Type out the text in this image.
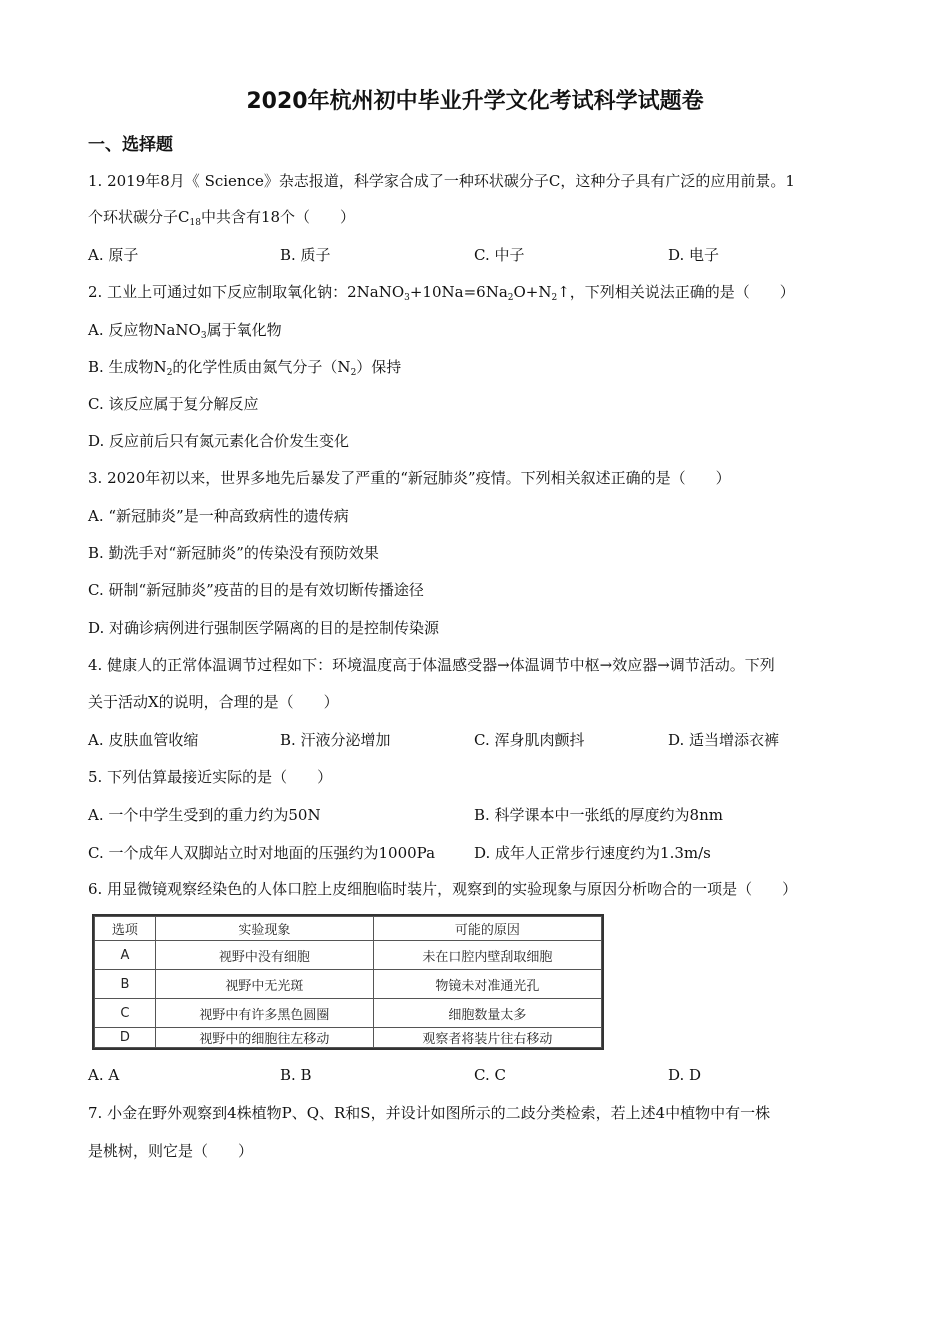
2020年杭州初中毕业升学文化考试科学试题卷
一、选择题
1. 2019年8月《 Science》杂志报道，科学家合成了一种环状碳分子C，这种分子具有广泛的应用前景。1
个环状碳分子$C_{18}$中共含有18个（　　）
A. 原子	B. 质子	C. 中子	D. 电子
2. 工业上可通过如下反应制取氧化钠：$2NaNO_3+10Na=6Na_2O+N_2↑$，下列相关说法正确的是（　　）
A. 反应物NaNO$_3$属于氧化物
B. 生成物$N_2$的化学性质由氮气分子$(N_2)$保持
C. 该反应属于复分解反应
D. 反应前后只有氮元素化合价发生变化
3. 2020年初以来，世界多地先后暴发了严重的“新冠肺炎”疫情。下列相关叙述正确的是（　　）
A. “新冠肺炎”是一种高致病性的遗传病
B. 勤洗手对“新冠肺炎”的传染没有预防效果
C. 研制“新冠肺炎”疫苗的目的是有效切断传播途径
D. 对确诊病例进行强制医学隔离的目的是控制传染源
4. 健康人的正常体温调节过程如下：环境温度高于体温感受器→体温调节中枢→效应器→调节活动。下列
关于活动X的说明，合理的是（　　）
A. 皮肤血管收缩	B. 汗液分泌增加	C. 浑身肌肉颤抖	D. 适当增添衣裤
5. 下列估算最接近实际的是（　　）
A. 一个中学生受到的重力约为50N	B. 科学课本中一张纸的厚度约为8nm
C. 一个成年人双脚站立时对地面的压强约为1000Pa	D. 成年人正常步行速度约为1.3m/s
6. 用显微镜观察经染色的人体口腔上皮细胞临时装片，观察到的实验现象与原因分析吻合的一项是（　　）
选项	实验现象	可能的原因
A	视野中没有细胞	未在口腔内壁刮取细胞
B	视野中无光斑	物镜未对准通光孔
C	视野中有许多黑色圆圈	细胞数量太多
D	视野中的细胞往左移动	观察者将装片往右移动
A. A	B. B	C. C	D. D
7. 小金在野外观察到4株植物P、Q、R和S，并设计如图所示的二歧分类检索，若上述4中植物中有一株
是桃树，则它是（　　）
